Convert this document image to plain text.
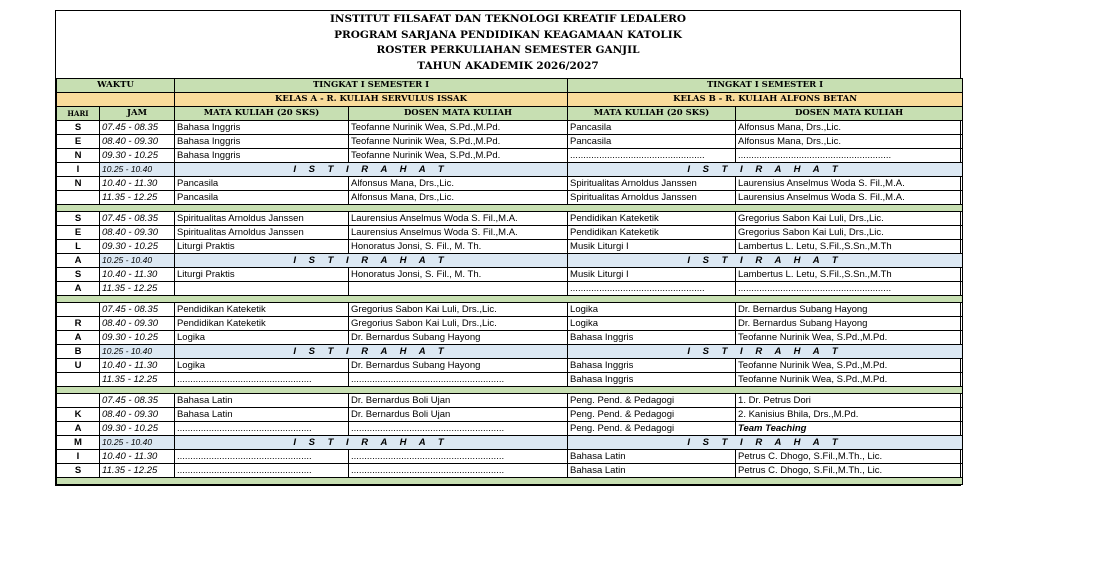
INSTITUT FILSAFAT DAN TEKNOLOGI KREATIF LEDALERO
PROGRAM SARJANA PENDIDIKAN KEAGAMAAN KATOLIK
ROSTER PERKULIAHAN SEMESTER GANJIL
TAHUN AKADEMIK 2026/2027
WAKTU		TINGKAT I SEMESTER I		TINGKAT I SEMESTER I	
		KELAS A - R. KULIAH SERVULUS ISSAK		KELAS B - R. KULIAH ALFONS BETAN	
HARI	JAM	MATA KULIAH (20 SKS)	DOSEN MATA KULIAH	MATA KULIAH (20 SKS)	DOSEN MATA KULIAH
S	07.45 - 08.35	Bahasa Inggris	Teofanne Nurinik Wea, S.Pd.,M.Pd.	Pancasila	Alfonsus Mana, Drs.,Lic.
E	08.40 - 09.30	Bahasa Inggris	Teofanne Nurinik Wea, S.Pd.,M.Pd.	Pancasila	Alfonsus Mana, Drs.,Lic.
N	09.30 - 10.25	Bahasa Inggris	Teofanne Nurinik Wea, S.Pd.,M.Pd.	...................................................	..........................................................
I	10.25 - 10.40	I S T I R A H A T		I S T I R A H A T	
N	10.40 - 11.30	Pancasila	Alfonsus Mana, Drs.,Lic.	Spiritualitas Arnoldus Janssen	Laurensius Anselmus Woda S. Fil.,M.A.
	11.35 - 12.25	Pancasila	Alfonsus Mana, Drs.,Lic.	Spiritualitas Arnoldus Janssen	Laurensius Anselmus Woda S. Fil.,M.A.

S	07.45 - 08.35	Spiritualitas Arnoldus Janssen	Laurensius Anselmus Woda S. Fil.,M.A.	Pendidikan Kateketik	Gregorius Sabon Kai Luli, Drs.,Lic.
E	08.40 - 09.30	Spiritualitas Arnoldus Janssen	Laurensius Anselmus Woda S. Fil.,M.A.	Pendidikan Kateketik	Gregorius Sabon Kai Luli, Drs.,Lic.
L	09.30 - 10.25	Liturgi Praktis	Honoratus Jonsi, S. Fil., M. Th.	Musik Liturgi I	Lambertus L. Letu, S.Fil.,S.Sn.,M.Th
A	10.25 - 10.40	I S T I R A H A T		I S T I R A H A T	
S	10.40 - 11.30	Liturgi Praktis	Honoratus Jonsi, S. Fil., M. Th.	Musik Liturgi I	Lambertus L. Letu, S.Fil.,S.Sn.,M.Th
A	11.35 - 12.25			...................................................	..........................................................

	07.45 - 08.35	Pendidikan Kateketik	Gregorius Sabon Kai Luli, Drs.,Lic.	Logika	Dr. Bernardus Subang Hayong
R	08.40 - 09.30	Pendidikan Kateketik	Gregorius Sabon Kai Luli, Drs.,Lic.	Logika	Dr. Bernardus Subang Hayong
A	09.30 - 10.25	Logika	Dr. Bernardus Subang Hayong	Bahasa Inggris	Teofanne Nurinik Wea, S.Pd.,M.Pd.
B	10.25 - 10.40	I S T I R A H A T		I S T I R A H A T	
U	10.40 - 11.30	Logika	Dr. Bernardus Subang Hayong	Bahasa Inggris	Teofanne Nurinik Wea, S.Pd.,M.Pd.
	11.35 - 12.25	...................................................	..........................................................	Bahasa Inggris	Teofanne Nurinik Wea, S.Pd.,M.Pd.

	07.45 - 08.35	Bahasa Latin	Dr. Bernardus Boli Ujan	Peng. Pend. & Pedagogi	1. Dr. Petrus Dori
K	08.40 - 09.30	Bahasa Latin	Dr. Bernardus Boli Ujan	Peng. Pend. & Pedagogi	2. Kanisius Bhila, Drs.,M.Pd.
A	09.30 - 10.25	...................................................	..........................................................	Peng. Pend. & Pedagogi	Team Teaching
M	10.25 - 10.40	I S T I R A H A T		I S T I R A H A T	
I	10.40 - 11.30	...................................................	..........................................................	Bahasa Latin	Petrus C. Dhogo, S.Fil.,M.Th., Lic.
S	11.35 - 12.25	...................................................	..........................................................	Bahasa Latin	Petrus C. Dhogo, S.Fil.,M.Th., Lic.
